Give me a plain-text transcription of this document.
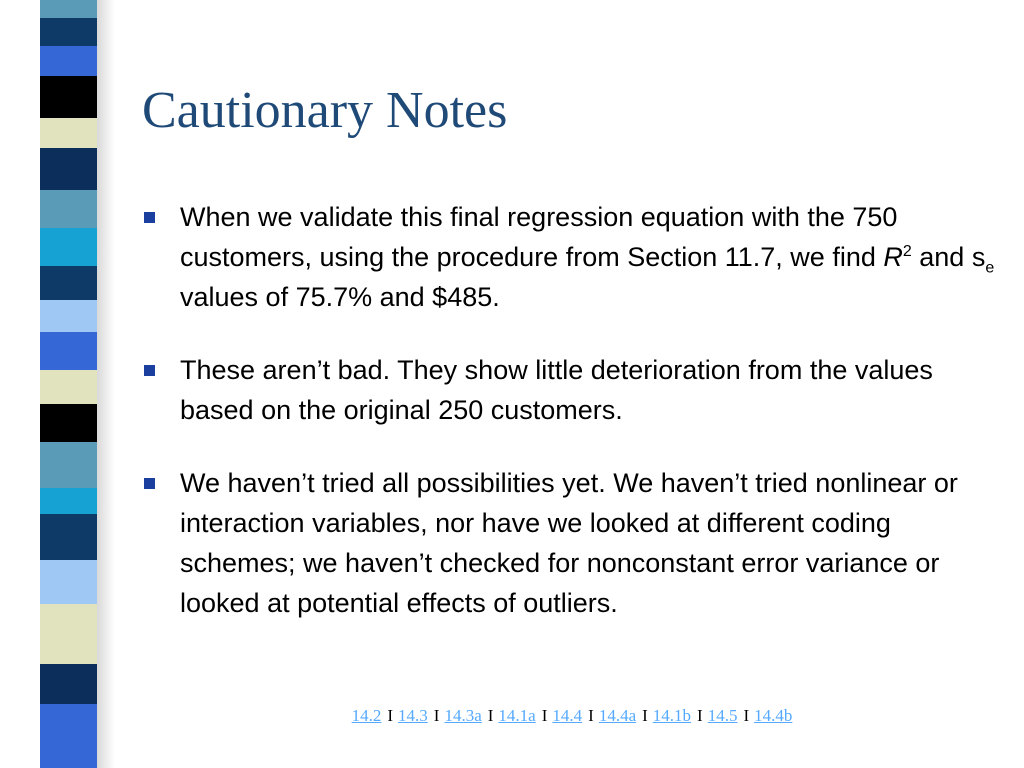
Cautionary Notes
When we validate this final regression equation with the 750 customers, using the procedure from Section 11.7, we find $R^2$ and $s_e$ values of 75.7% and $485.
These aren’t bad. They show little deterioration from the values based on the original 250 customers.
We haven’t tried all possibilities yet. We haven’t tried nonlinear or interaction variables, nor have we looked at different coding schemes; we haven’t checked for nonconstant error variance or looked at potential effects of outliers.
14.2 I 14.3 I 14.3a I 14.1a I 14.4 I 14.4a I 14.1b I 14.5 I 14.4b
